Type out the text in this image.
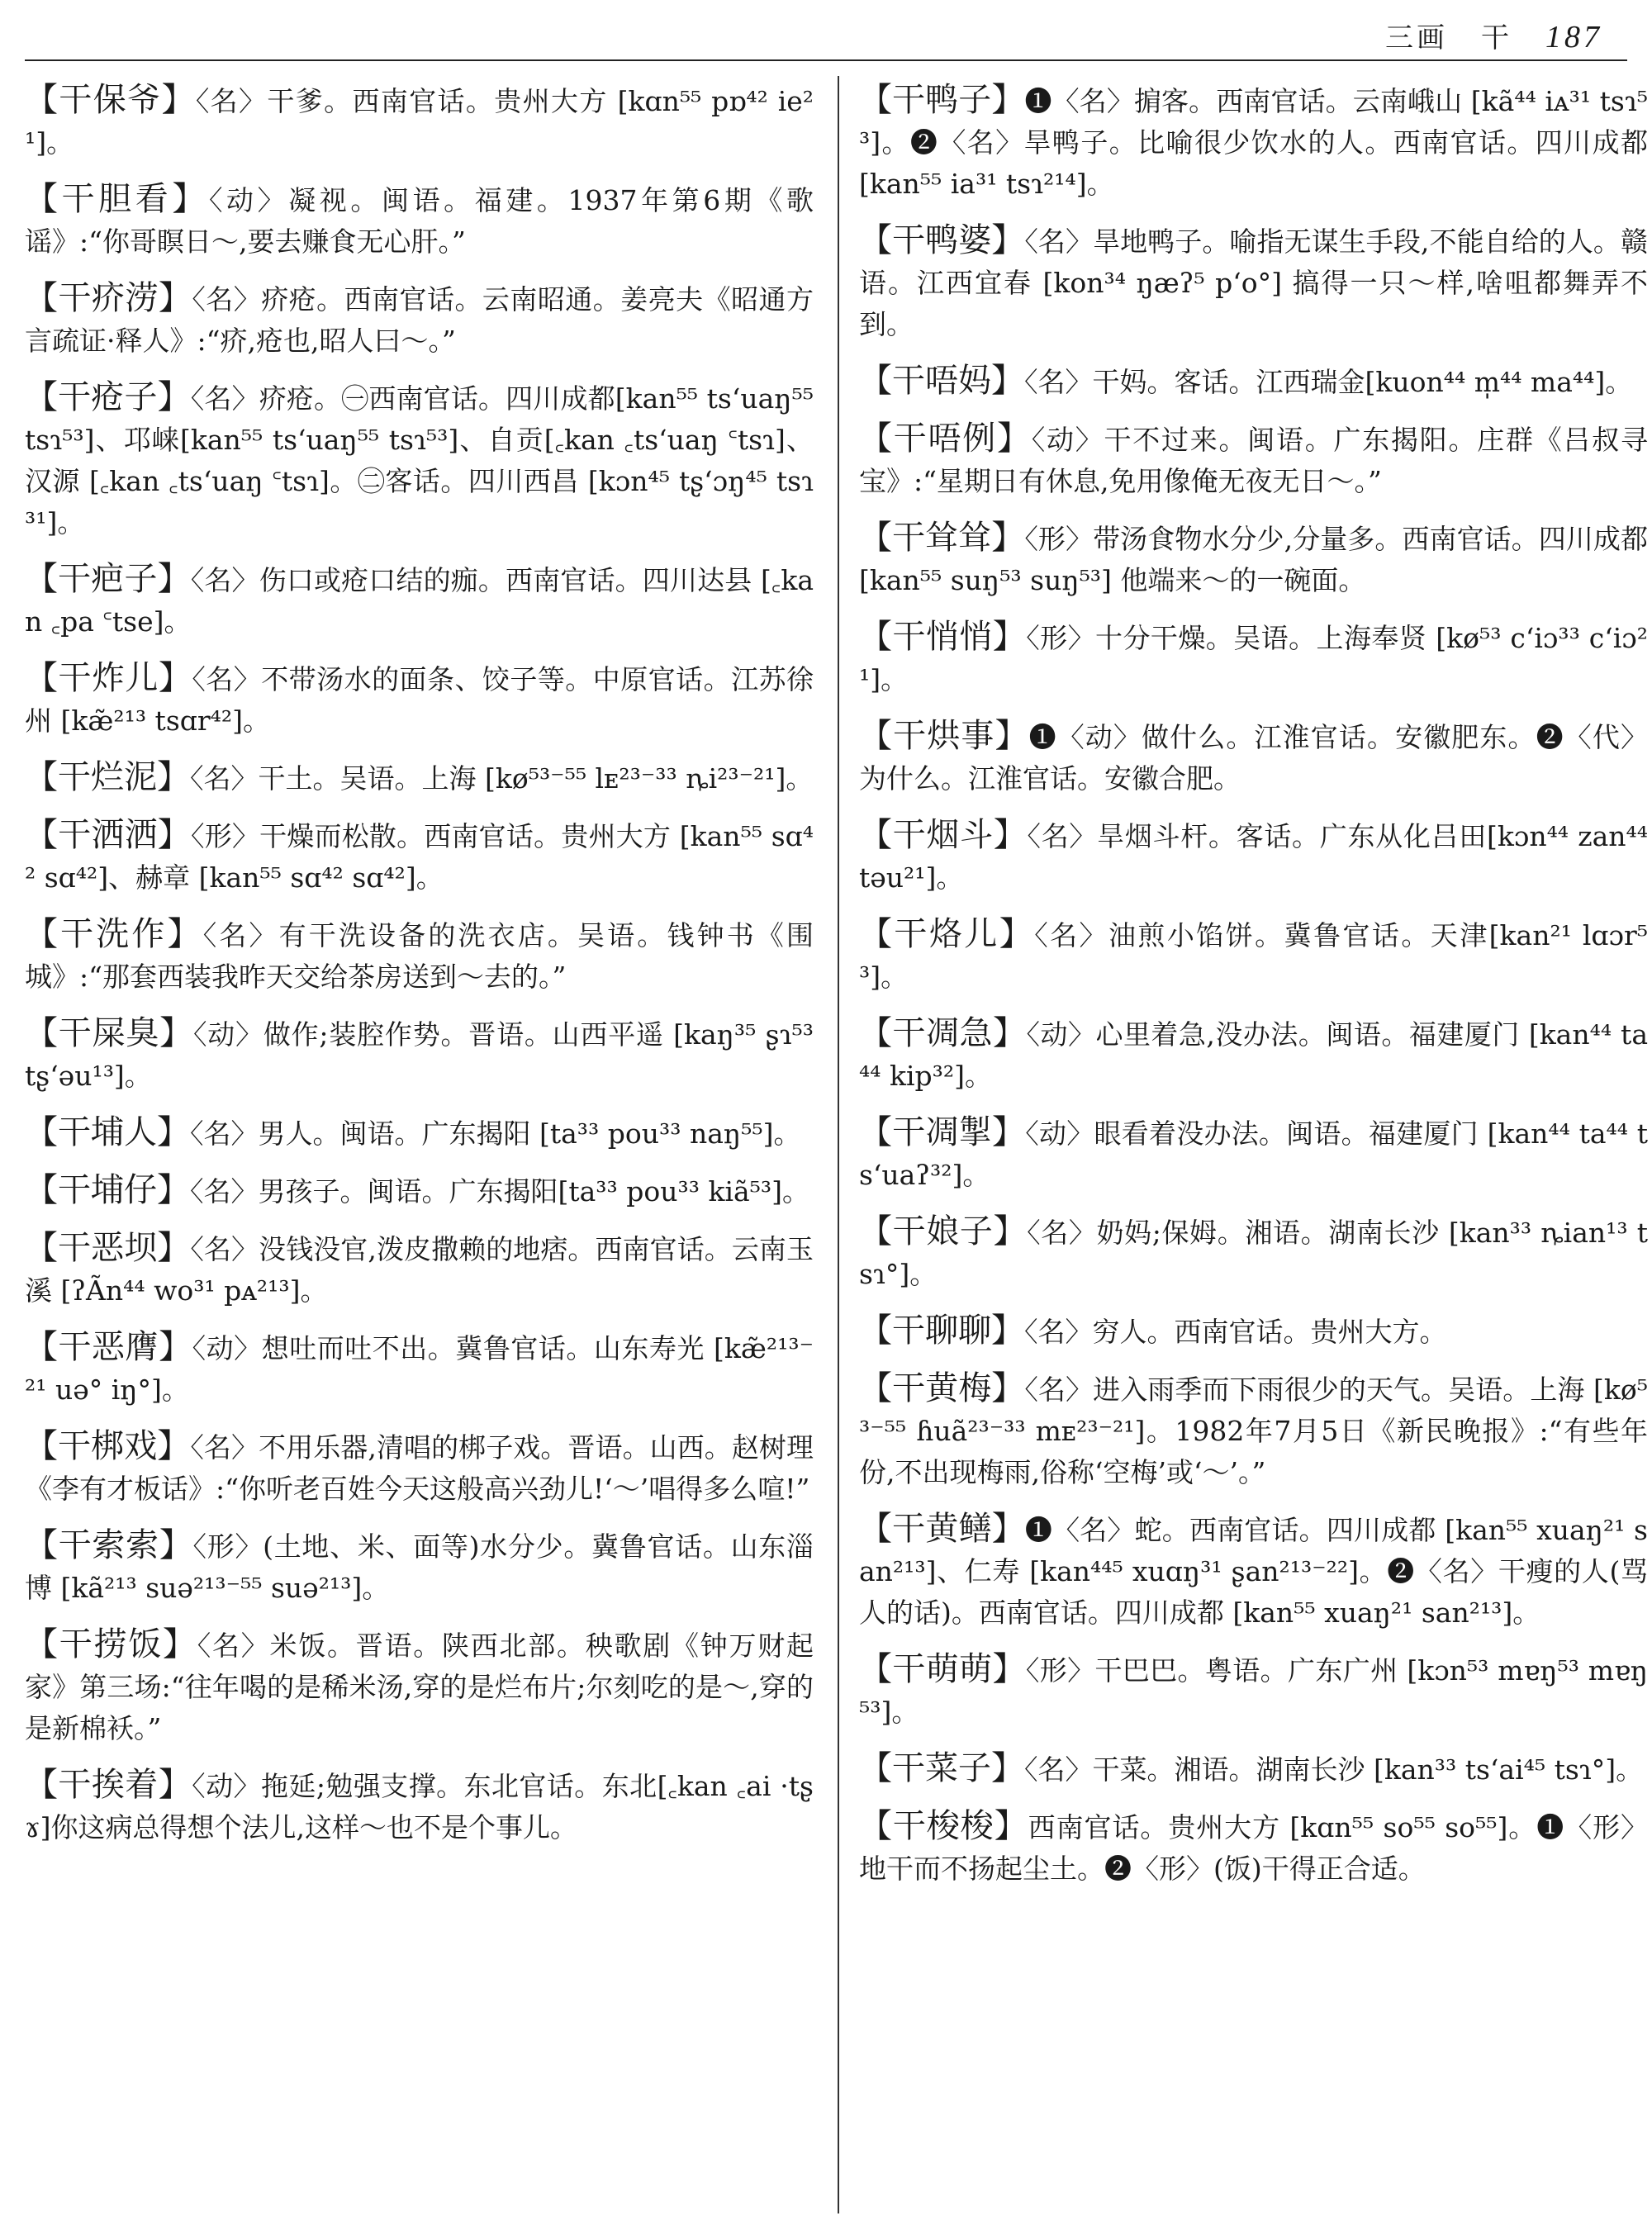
三画 干 187
【干保爷】〈名〉干爹。西南官话。贵州大方 [kɑn⁵⁵ pɒ⁴² ie²¹]。
【干胆看】〈动〉凝视。闽语。福建。1937年第6期《歌谣》:“你哥瞑日～,要去赚食无心肝。”
【干疥涝】〈名〉疥疮。西南官话。云南昭通。姜亮夫《昭通方言疏证·释人》:“疥,疮也,昭人曰～。”
【干疮子】〈名〉疥疮。㊀西南官话。四川成都[kan⁵⁵ tsʻuaŋ⁵⁵ tsɿ⁵³]、邛崃[kan⁵⁵ tsʻuaŋ⁵⁵ tsɿ⁵³]、自贡[꜀kan ꜀tsʻuaŋ ꜂tsɿ]、汉源 [꜀kan ꜀tsʻuaŋ ꜂tsɿ]。㊁客话。四川西昌 [kɔn⁴⁵ tʂʻɔŋ⁴⁵ tsɿ³¹]。
【干疤子】〈名〉伤口或疮口结的痂。西南官话。四川达县 [꜀kan ꜀pa ꜂tse]。
【干炸儿】〈名〉不带汤水的面条、饺子等。中原官话。江苏徐州 [kæ̃²¹³ tsɑr⁴²]。
【干烂泥】〈名〉干土。吴语。上海 [kø⁵³⁻⁵⁵ lᴇ²³⁻³³ ȵi²³⁻²¹]。
【干洒洒】〈形〉干燥而松散。西南官话。贵州大方 [kan⁵⁵ sɑ⁴² sɑ⁴²]、赫章 [kan⁵⁵ sɑ⁴² sɑ⁴²]。
【干洗作】〈名〉有干洗设备的洗衣店。吴语。钱钟书《围城》:“那套西装我昨天交给茶房送到～去的。”
【干屎臭】〈动〉做作;装腔作势。晋语。山西平遥 [kaŋ³⁵ ʂɿ⁵³ tʂʻəu¹³]。
【干埔人】〈名〉男人。闽语。广东揭阳 [ta³³ pou³³ naŋ⁵⁵]。
【干埔仔】〈名〉男孩子。闽语。广东揭阳[ta³³ pou³³ kiã⁵³]。
【干恶坝】〈名〉没钱没官,泼皮撒赖的地痞。西南官话。云南玉溪 [ʔÃn⁴⁴ wo³¹ pᴀ²¹³]。
【干恶膺】〈动〉想吐而吐不出。冀鲁官话。山东寿光 [kæ̃²¹³⁻²¹ uə° iŋ°]。
【干梆戏】〈名〉不用乐器,清唱的梆子戏。晋语。山西。赵树理《李有才板话》:“你听老百姓今天这般高兴劲儿!‘～’唱得多么喧!”
【干索索】〈形〉(土地、米、面等)水分少。冀鲁官话。山东淄博 [kã²¹³ suə²¹³⁻⁵⁵ suə²¹³]。
【干捞饭】〈名〉米饭。晋语。陕西北部。秧歌剧《钟万财起家》第三场:“往年喝的是稀米汤,穿的是烂布片;尔刻吃的是～,穿的是新棉袄。”
【干挨着】〈动〉拖延;勉强支撑。东北官话。东北[꜀kan ꜀ai ·tʂɤ]你这病总得想个法儿,这样～也不是个事儿。
【干鸭子】❶〈名〉掮客。西南官话。云南峨山 [kã⁴⁴ iᴀ³¹ tsɿ⁵³]。❷〈名〉旱鸭子。比喻很少饮水的人。西南官话。四川成都 [kan⁵⁵ ia³¹ tsɿ²¹⁴]。
【干鸭婆】〈名〉旱地鸭子。喻指无谋生手段,不能自给的人。赣语。江西宜春 [kon³⁴ ŋæʔ⁵ pʻo°] 搞得一只～样,啥咀都舞弄不到。
【干唔妈】〈名〉干妈。客话。江西瑞金[kuon⁴⁴ m̩⁴⁴ ma⁴⁴]。
【干唔例】〈动〉干不过来。闽语。广东揭阳。庄群《吕叔寻宝》:“星期日有休息,免用像俺无夜无日～。”
【干耸耸】〈形〉带汤食物水分少,分量多。西南官话。四川成都 [kan⁵⁵ suŋ⁵³ suŋ⁵³] 他端来～的一碗面。
【干悄悄】〈形〉十分干燥。吴语。上海奉贤 [kø⁵³ cʻiɔ³³ cʻiɔ²¹]。
【干烘事】❶〈动〉做什么。江淮官话。安徽肥东。❷〈代〉为什么。江淮官话。安徽合肥。
【干烟斗】〈名〉旱烟斗杆。客话。广东从化吕田[kɔn⁴⁴ zan⁴⁴ təu²¹]。
【干烙儿】〈名〉油煎小馅饼。冀鲁官话。天津[kan²¹ lɑɔr⁵³]。
【干凋急】〈动〉心里着急,没办法。闽语。福建厦门 [kan⁴⁴ ta⁴⁴ kip³²]。
【干凋掣】〈动〉眼看着没办法。闽语。福建厦门 [kan⁴⁴ ta⁴⁴ tsʻuaʔ³²]。
【干娘子】〈名〉奶妈;保姆。湘语。湖南长沙 [kan³³ ȵian¹³ tsɿ°]。
【干聊聊】〈名〉穷人。西南官话。贵州大方。
【干黄梅】〈名〉进入雨季而下雨很少的天气。吴语。上海 [kø⁵³⁻⁵⁵ ɦuã²³⁻³³ mᴇ²³⁻²¹]。1982年7月5日《新民晚报》:“有些年份,不出现梅雨,俗称‘空梅’或‘～’。”
【干黄鳝】❶〈名〉蛇。西南官话。四川成都 [kan⁵⁵ xuaŋ²¹ san²¹³]、仁寿 [kan⁴⁴⁵ xuɑŋ³¹ ʂan²¹³⁻²²]。❷〈名〉干瘦的人(骂人的话)。西南官话。四川成都 [kan⁵⁵ xuaŋ²¹ san²¹³]。
【干萌萌】〈形〉干巴巴。粤语。广东广州 [kɔn⁵³ mɐŋ⁵³ mɐŋ⁵³]。
【干菜子】〈名〉干菜。湘语。湖南长沙 [kan³³ tsʻai⁴⁵ tsɿ°]。
【干梭梭】西南官话。贵州大方 [kɑn⁵⁵ so⁵⁵ so⁵⁵]。❶〈形〉地干而不扬起尘土。❷〈形〉(饭)干得正合适。
